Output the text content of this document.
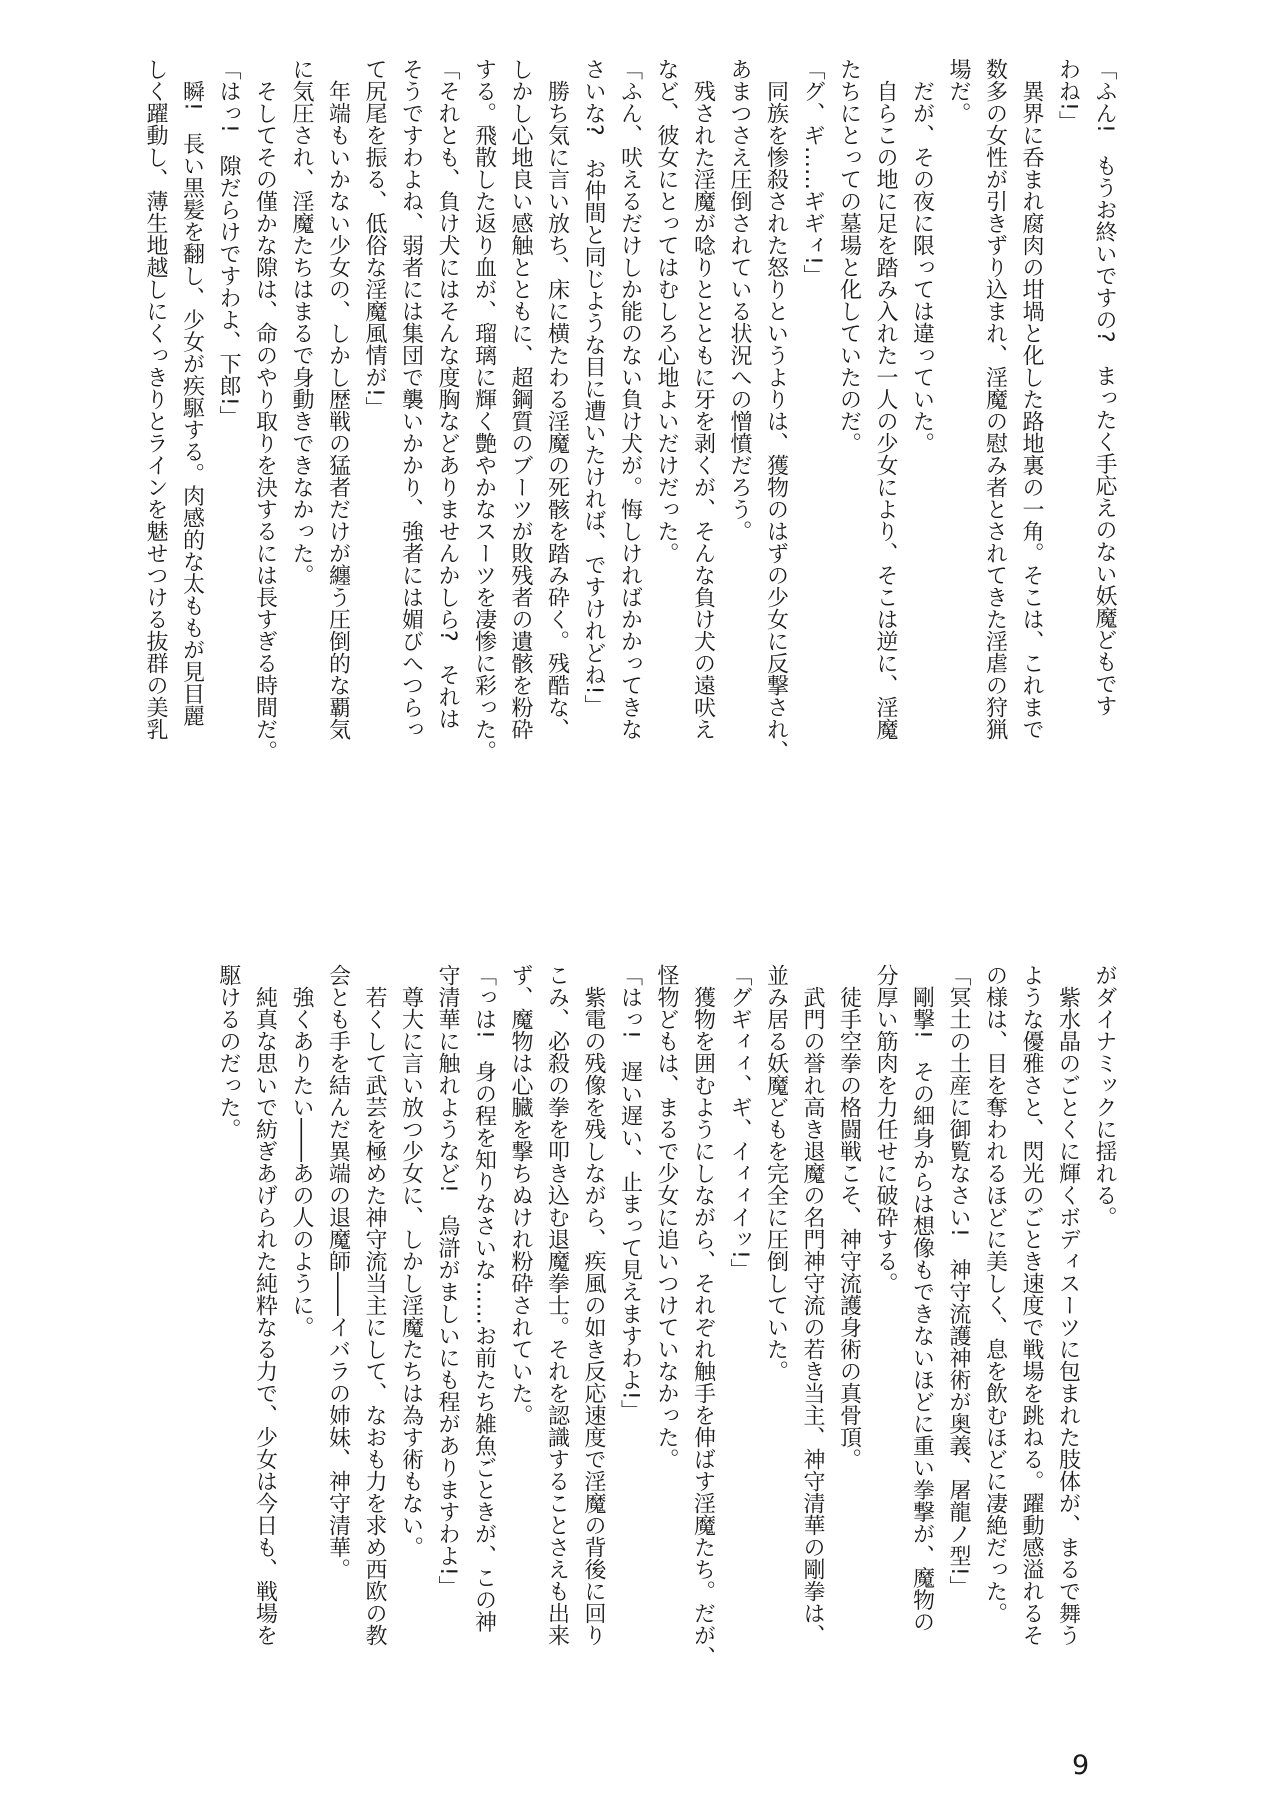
「ふん!　もうお終いですの?　まったく手応えのない妖魔どもです

わね!」

　異界に呑まれ腐肉の坩堝と化した路地裏の一角。そこは、これまで

数多の女性が引きずり込まれ、淫魔の慰み者とされてきた淫虐の狩猟

場だ。

　だが、その夜に限っては違っていた。

　自らこの地に足を踏み入れた一人の少女により、そこは逆に、淫魔

たちにとっての墓場と化していたのだ。

「グ、ギ……ギギィ!」

　同族を惨殺された怒りというよりは、獲物のはずの少女に反撃され、

あまつさえ圧倒されている状況への憎憤だろう。

　残された淫魔が唸りととともに牙を剥くが、そんな負け犬の遠吠え

など、彼女にとってはむしろ心地よいだけだった。

「ふん、吠えるだけしか能のない負け犬が。悔しければかかってきな

さいな?　お仲間と同じような目に遭いたければ、ですけれどね!」

　勝ち気に言い放ち、床に横たわる淫魔の死骸を踏み砕く。残酷な、

しかし心地良い感触とともに、超鋼質のブーツが敗残者の遺骸を粉砕

する。飛散した返り血が、瑠璃に輝く艶やかなスーツを凄惨に彩った。

「それとも、負け犬にはそんな度胸などありませんかしら?　それは

そうですわよね、弱者には集団で襲いかかり、強者には媚びへつらっ

て尻尾を振る、低俗な淫魔風情が!」

　年端もいかない少女の、しかし歴戦の猛者だけが纏う圧倒的な覇気

に気圧され、淫魔たちはまるで身動きできなかった。

　そしてその僅かな隙は、命のやり取りを決するには長すぎる時間だ。

「はっ!　隙だらけですわよ、下郎!」

　瞬!　長い黒髪を翻し、少女が疾駆する。肉感的な太ももが見目麗

しく躍動し、薄生地越しにくっきりとラインを魅せつける抜群の美乳

がダイナミックに揺れる。

　紫水晶のごとくに輝くボディスーツに包まれた肢体が、まるで舞う

ような優雅さと、閃光のごとき速度で戦場を跳ねる。躍動感溢れるそ

の様は、目を奪われるほどに美しく、息を飲むほどに凄絶だった。

「冥土の土産に御覧なさい!　神守流護神術が奥義、屠龍ノ型!」

　剛撃!　その細身からは想像もできないほどに重い拳撃が、魔物の

分厚い筋肉を力任せに破砕する。

　徒手空拳の格闘戦こそ、神守流護身術の真骨頂。

　武門の誉れ高き退魔の名門神守流の若き当主、神守清華の剛拳は、

並み居る妖魔どもを完全に圧倒していた。

「グギィィ、ギ、イィィイッ!」

　獲物を囲むようにしながら、それぞれ触手を伸ばす淫魔たち。だが、

怪物どもは、まるで少女に追いつけていなかった。

「はっ!　遅い遅い、止まって見えますわよ!」

　紫電の残像を残しながら、疾風の如き反応速度で淫魔の背後に回り

こみ、必殺の拳を叩き込む退魔拳士。それを認識することさえも出来

ず、魔物は心臓を撃ちぬけれ粉砕されていた。

「っは!　身の程を知りなさいな……お前たち雑魚ごときが、この神

守清華に触れようなど!　烏滸がましいにも程がありますわよ!」

　尊大に言い放つ少女に、しかし淫魔たちは為す術もない。

　若くして武芸を極めた神守流当主にして、なおも力を求め西欧の教

会とも手を結んだ異端の退魔師――イバラの姉妹、神守清華。

　強くありたい――あの人のように。

　純真な思いで紡ぎあげられた純粋なる力で、少女は今日も、戦場を

駆けるのだった。

9
